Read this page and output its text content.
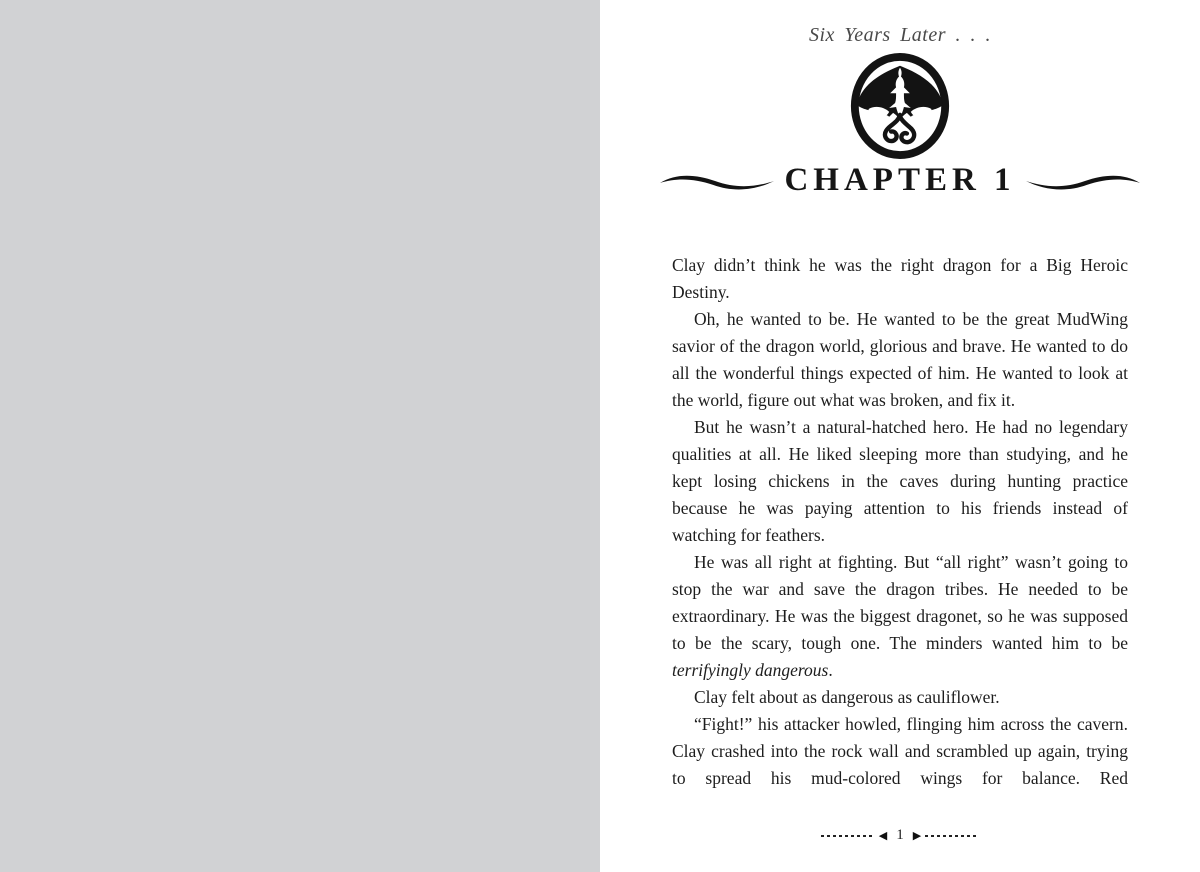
Six Years Later . . .
CHAPTER 1

Clay didn’t think he was the right dragon for a Big Heroic Destiny.

Oh, he wanted to be. He wanted to be the great MudWing savior of the dragon world, glorious and brave. He wanted to do all the wonderful things expected of him. He wanted to look at the world, figure out what was broken, and fix it.

But he wasn’t a natural-hatched hero. He had no legendary qualities at all. He liked sleeping more than studying, and he kept losing chickens in the caves during hunting practice because he was paying attention to his friends instead of watching for feathers.

He was all right at fighting. But “all right” wasn’t going to stop the war and save the dragon tribes. He needed to be extraordinary. He was the biggest dragonet, so he was supposed to be the scary, tough one. The minders wanted him to be terrifyingly dangerous.

Clay felt about as dangerous as cauliflower.

“Fight!” his attacker howled, flinging him across the cavern. Clay crashed into the rock wall and scrambled up again, trying to spread his mud-colored wings for balance. Red

◀ 1 ▶
